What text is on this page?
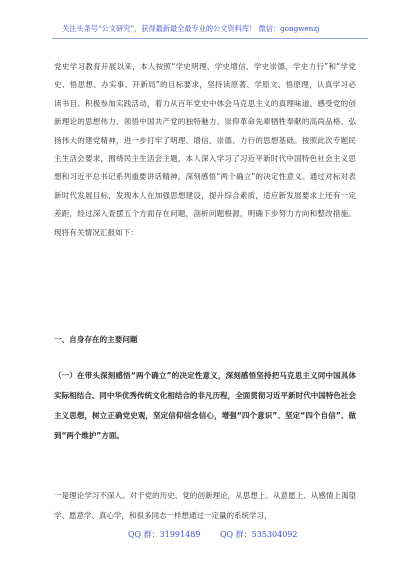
关注头条号“公文研究”，获得最新最全最专业的公文资料库！ 微信：gongwenzj

党史学习教育开展以来，本人按照“学史明理、学史增信、学史崇德、学史力行”和“学党史、悟思想、办实事、开新局”的目标要求，坚持读原著、学原文、悟原理，认真学习必读书目、积极参加实践活动，着力从百年党史中体会马克思主义的真理味道、感受党的创新理论的思想伟力、领悟中国共产党的独特魅力、崇仰革命先辈牺牲奉献的高尚品格、弘扬伟大的建党精神，进一步打牢了明理、增信、崇德、力行的思想基础。按照此次专题民主生活会要求，围绕民主生活会主题，本人深入学习了习近平新时代中国特色社会主义思想和习近平总书记系列重要讲话精神，深刻感悟“两个确立”的决定性意义。通过对标对表新时代发展目标，发现本人在加强思想建设，提升综合素质，适应新发展要求上还有一定差距，经过深入查摆五个方面存在问题，剖析问题根源，明确下步努力方向和整改措施。现将有关情况汇报如下：

一、自身存在的主要问题
（一）在带头深刻感悟“两个确立”的决定性意义，深刻感悟坚持把马克思主义同中国具体实际相结合、同中华优秀传统文化相结合的非凡历程，全面贯彻习近平新时代中国特色社会主义思想，树立正确党史观，坚定信仰信念信心，增强“四个意识”、坚定“四个自信”、做到“两个维护”方面。
一是理论学习不深入。对于党的历史、党的创新理论，从思想上、从意愿上、从感情上渴望学、愿意学、真心学，和很多同志一样想通过一定量的系统学习，
QQ 群：31991489 QQ 群：535304092
